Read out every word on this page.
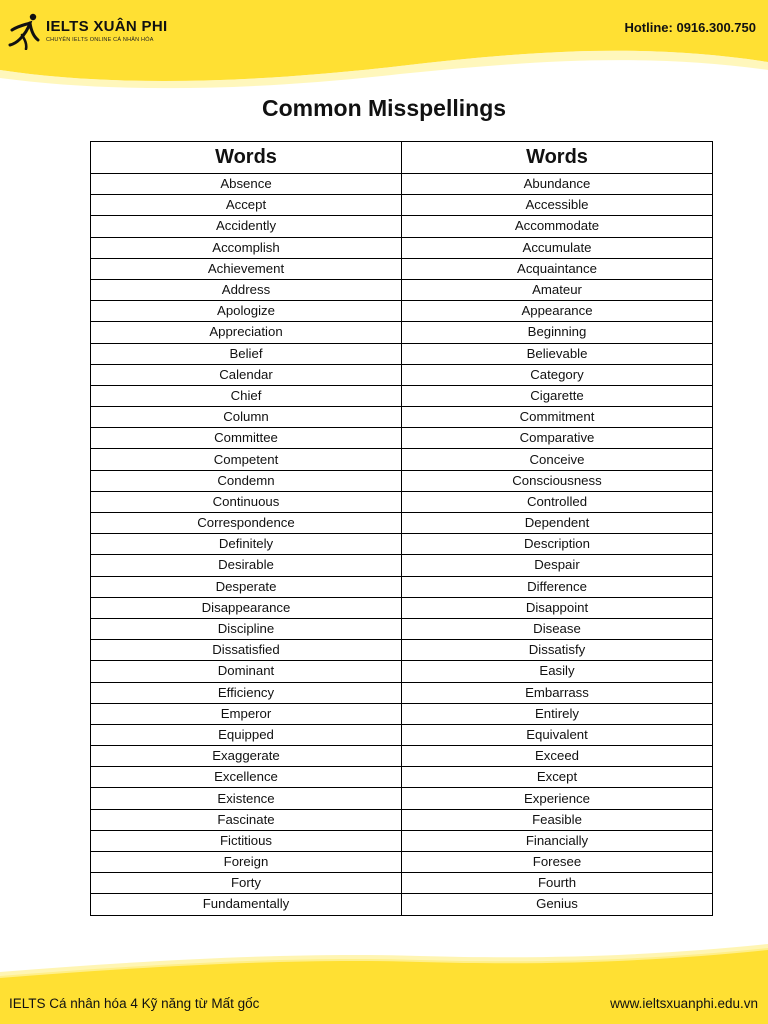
IELTS XUÂN PHI
CHUYÊN IELTS ONLINE CÁ NHÂN HÓA
Hotline: 0916.300.750
Common Misspellings
Words	Words
Absence	Abundance
Accept	Accessible
Accidently	Accommodate
Accomplish	Accumulate
Achievement	Acquaintance
Address	Amateur
Apologize	Appearance
Appreciation	Beginning
Belief	Believable
Calendar	Category
Chief	Cigarette
Column	Commitment
Committee	Comparative
Competent	Conceive
Condemn	Consciousness
Continuous	Controlled
Correspondence	Dependent
Definitely	Description
Desirable	Despair
Desperate	Difference
Disappearance	Disappoint
Discipline	Disease
Dissatisfied	Dissatisfy
Dominant	Easily
Efficiency	Embarrass
Emperor	Entirely
Equipped	Equivalent
Exaggerate	Exceed
Excellence	Except
Existence	Experience
Fascinate	Feasible
Fictitious	Financially
Foreign	Foresee
Forty	Fourth
Fundamentally	Genius
IELTS Cá nhân hóa 4 Kỹ năng từ Mất gốc	www.ieltsxuanphi.edu.vn
